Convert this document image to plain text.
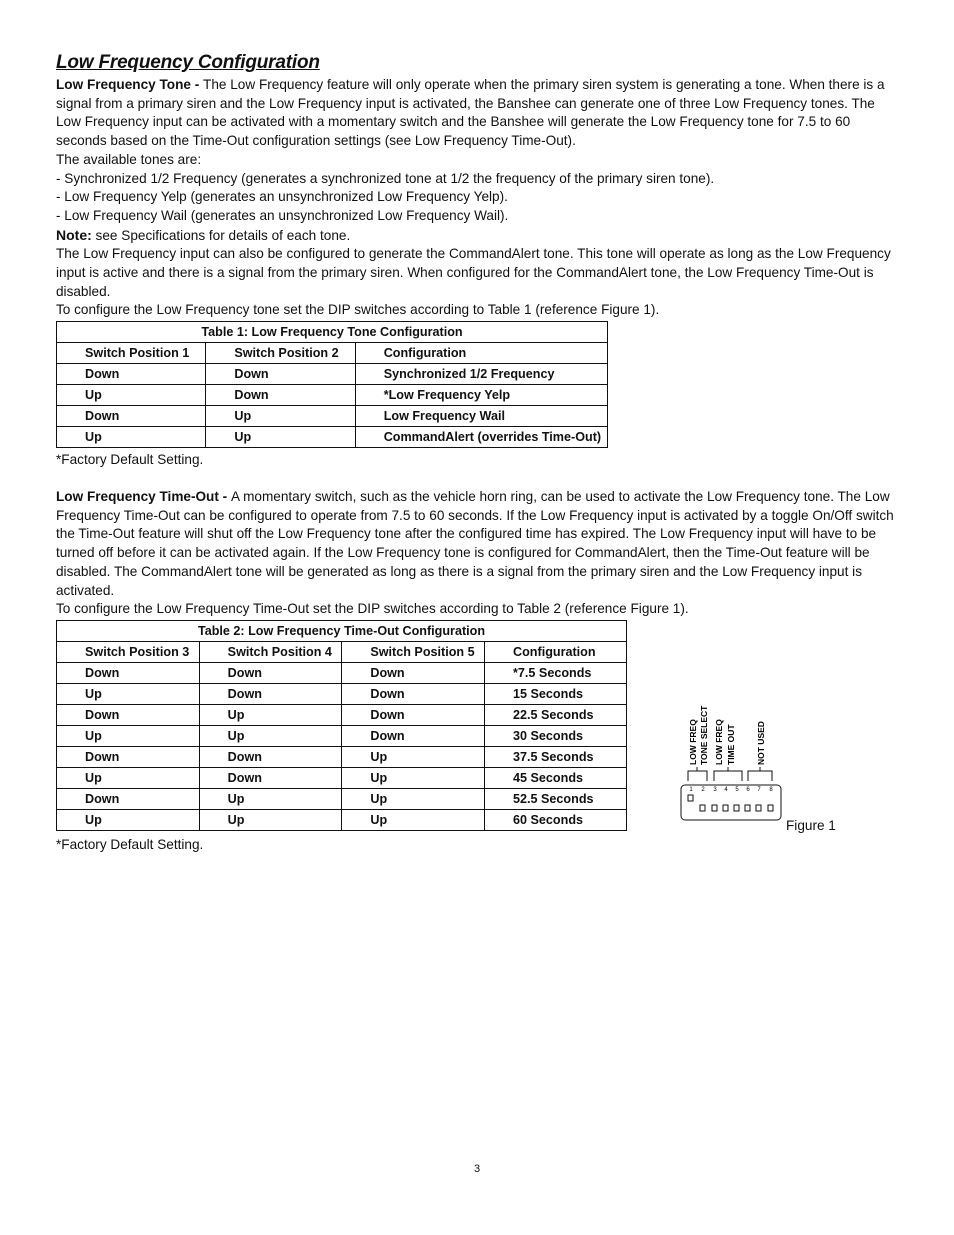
Low Frequency Configuration

Low Frequency Tone - The Low Frequency feature will only operate when the primary siren system is generating a tone. When there is a signal from a primary siren and the Low Frequency input is activated, the Banshee can generate one of three Low Frequency tones. The Low Frequency input can be activated with a momentary switch and the Banshee will generate the Low Frequency tone for 7.5 to 60 seconds based on the Time-Out configuration settings (see Low Frequency Time-Out).

The available tones are:

- Synchronized 1/2 Frequency (generates a synchronized tone at 1/2 the frequency of the primary siren tone).

- Low Frequency Yelp (generates an unsynchronized Low Frequency Yelp).

- Low Frequency Wail (generates an unsynchronized Low Frequency Wail).

Note: see Specifications for details of each tone.

The Low Frequency input can also be configured to generate the CommandAlert tone. This tone will operate as long as the Low Frequency input is active and there is a signal from the primary siren. When configured for the CommandAlert tone, the Low Frequency Time-Out is disabled.

To configure the Low Frequency tone set the DIP switches according to Table 1 (reference Figure 1).

Table 1: Low Frequency Tone Configuration		
Switch Position 1	Switch Position 2	Configuration
Down	Down	Synchronized 1/2 Frequency
Up	Down	*Low Frequency Yelp
Down	Up	Low Frequency Wail
Up	Up	CommandAlert (overrides Time-Out)

*Factory Default Setting.

Low Frequency Time-Out - A momentary switch, such as the vehicle horn ring, can be used to activate the Low Frequency tone. The Low Frequency Time-Out can be configured to operate from 7.5 to 60 seconds. If the Low Frequency input is activated by a toggle On/Off switch the Time-Out feature will shut off the Low Frequency tone after the configured time has expired. The Low Frequency input will have to be turned off before it can be activated again. If the Low Frequency tone is configured for CommandAlert, then the Time-Out feature will be disabled. The CommandAlert tone will be generated as long as there is a signal from the primary siren and the Low Frequency input is activated.

To configure the Low Frequency Time-Out set the DIP switches according to Table 2 (reference Figure 1).

Table 2: Low Frequency Time-Out Configuration			
Switch Position 3	Switch Position 4	Switch Position 5	Configuration
Down	Down	Down	*7.5 Seconds
Up	Down	Down	15 Seconds
Down	Up	Down	22.5 Seconds
Up	Up	Down	30 Seconds
Down	Down	Up	37.5 Seconds
Up	Down	Up	45 Seconds
Down	Up	Up	52.5 Seconds
Up	Up	Up	60 Seconds

*Factory Default Setting.

LOW FREQ TONE SELECT LOW FREQ TIME OUT NOT USED
1 2 3 4 5 6 7 8
Figure 1
3
